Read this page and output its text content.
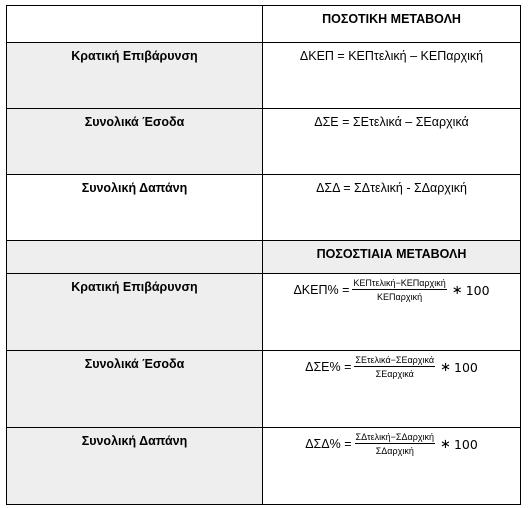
	ΠΟΣΟΤΙΚΗ ΜΕΤΑΒΟΛΗ
Κρατική Επιβάρυνση	ΔΚΕΠ = ΚΕΠτελική – ΚΕΠαρχική
Συνολικά Έσοδα	ΔΣΕ = ΣΕτελικά – ΣΕαρχικά
Συνολική Δαπάνη	ΔΣΔ = ΣΔτελική - ΣΔαρχική
	ΠΟΣΟΣΤΙΑΙΑ ΜΕΤΑΒΟΛΗ
Κρατική Επιβάρυνση	$\Delta KE\Pi\% = \frac{\text{ΚΕΠτελική−ΚΕΠαρχική}}{\text{ΚΕΠαρχική}}$ ∗ 100

Συνολικά Έσοδα	$\Delta\Sigma E\% = \frac{\text{ΣΕτελικά−ΣΕαρχικά}}{\text{ΣΕαρχικά}}$ ∗ 100

Συνολική Δαπάνη	$\Delta\Sigma\Delta\% = \frac{\text{ΣΔτελική−ΣΔαρχική}}{\text{ΣΔαρχική}}$ ∗ 100
